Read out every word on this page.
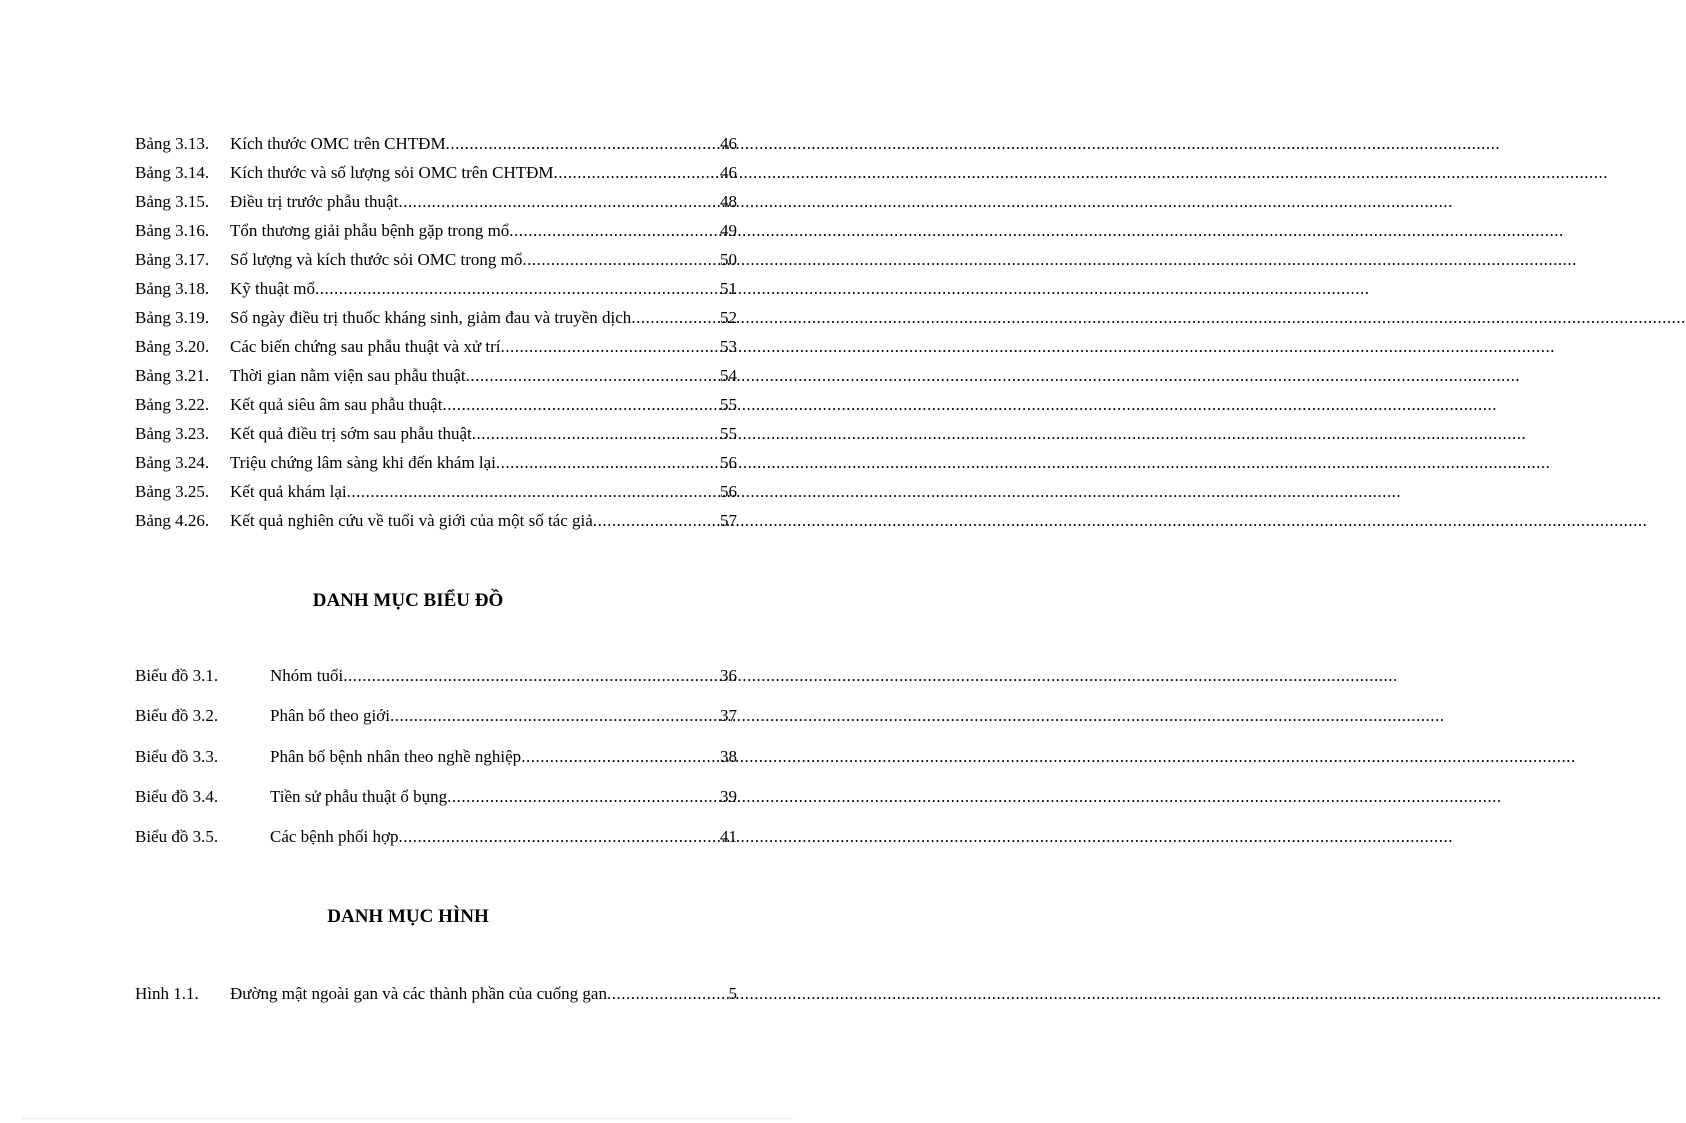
Bảng 3.13.	Kích thước OMC trên CHTĐM .....	46
Bảng 3.14.	Kích thước và số lượng sỏi OMC trên CHTĐM .....	46
Bảng 3.15.	Điều trị trước phẫu thuật .....	48
Bảng 3.16.	Tổn thương giải phẫu bệnh gặp trong mổ .....	49
Bảng 3.17.	Số lượng và kích thước sỏi OMC trong mổ .....	50
Bảng 3.18.	Kỹ thuật mổ .....	51
Bảng 3.19.	Số ngày điều trị thuốc kháng sinh, giảm đau và truyền dịch .....	52
Bảng 3.20.	Các biến chứng sau phẫu thuật và xử trí .....	53
Bảng 3.21.	Thời gian nằm viện sau phẫu thuật .....	54
Bảng 3.22.	Kết quả siêu âm sau phẫu thuật .....	55
Bảng 3.23.	Kết quả điều trị sớm sau phẫu thuật .....	55
Bảng 3.24.	Triệu chứng lâm sàng khi đến khám lại .....	56
Bảng 3.25.	Kết quả khám lại .....	56
Bảng 4.26.	Kết quả nghiên cứu về tuổi và giới của một số tác giả .....	57
DANH MỤC BIỂU ĐỒ
Biểu đồ 3.1.	Nhóm tuổi .....	36
Biểu đồ 3.2.	Phân bố theo giới .....	37
Biểu đồ 3.3.	Phân bố bệnh nhân theo nghề nghiệp .....	38
Biểu đồ 3.4.	Tiền sử phẫu thuật ổ bụng .....	39
Biểu đồ 3.5.	Các bệnh phối hợp .....	41
DANH MỤC HÌNH
Hình 1.1.	Đường mật ngoài gan và các thành phần của cuống gan .....	5
